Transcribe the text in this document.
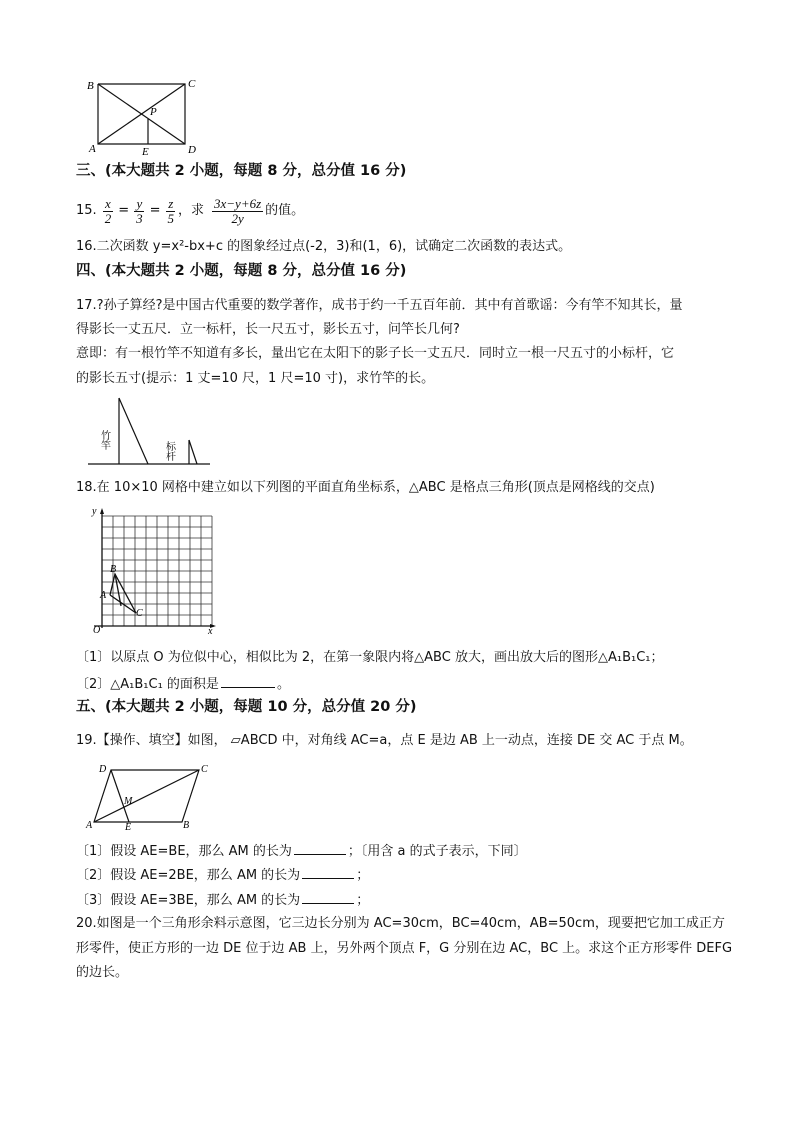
B	C
P
A	E	D
三、(本大题共 2 小题，每题 8 分，总分值 16 分)
15. $\frac{x}{2} = \frac{y}{3} = \frac{z}{5}$ ，求 $\frac{3x-y+6z}{2y}$ 的值。
16.二次函数 y=x²-bx+c 的图象经过点(-2，3)和(1，6)，试确定二次函数的表达式。
四、(本大题共 2 小题，每题 8 分，总分值 16 分)
17.?孙子算经?是中国古代重要的数学著作，成书于约一千五百年前．其中有首歌谣：今有竿不知其长，量
得影长一丈五尺．立一标杆，长一尺五寸，影长五寸，问竿长几何?
意即：有一根竹竿不知道有多长，量出它在太阳下的影子长一丈五尺．同时立一根一尺五寸的小标杆，它
的影长五寸(提示：1 丈=10 尺，1 尺=10 寸)，求竹竿的长。
竹竿
标杆
18.在 10×10 网格中建立如以下列图的平面直角坐标系，△ABC 是格点三角形(顶点是网格线的交点)
y
x
O
A
B
C
〔1〕以原点 O 为位似中心，相似比为 2，在第一象限内将△ABC 放大，画出放大后的图形△A₁B₁C₁；
〔2〕△A₁B₁C₁ 的面积是	。
五、(本大题共 2 小题，每题 10 分，总分值 20 分)
19.【操作、填空】如图， ▱ABCD 中，对角线 AC=a，点 E 是边 AB 上一动点，连接 DE 交 AC 于点 M。
D	C
M
A	E	B
〔1〕假设 AE=BE，那么 AM 的长为	；〔用含 a 的式子表示，下同〕
〔2〕假设 AE=2BE，那么 AM 的长为	；
〔3〕假设 AE=3BE，那么 AM 的长为	；
20.如图是一个三角形余料示意图，它三边长分别为 AC=30cm，BC=40cm，AB=50cm，现要把它加工成正方
形零件，使正方形的一边 DE 位于边 AB 上，另外两个顶点 F，G 分别在边 AC，BC 上。求这个正方形零件 DEFG
的边长。
